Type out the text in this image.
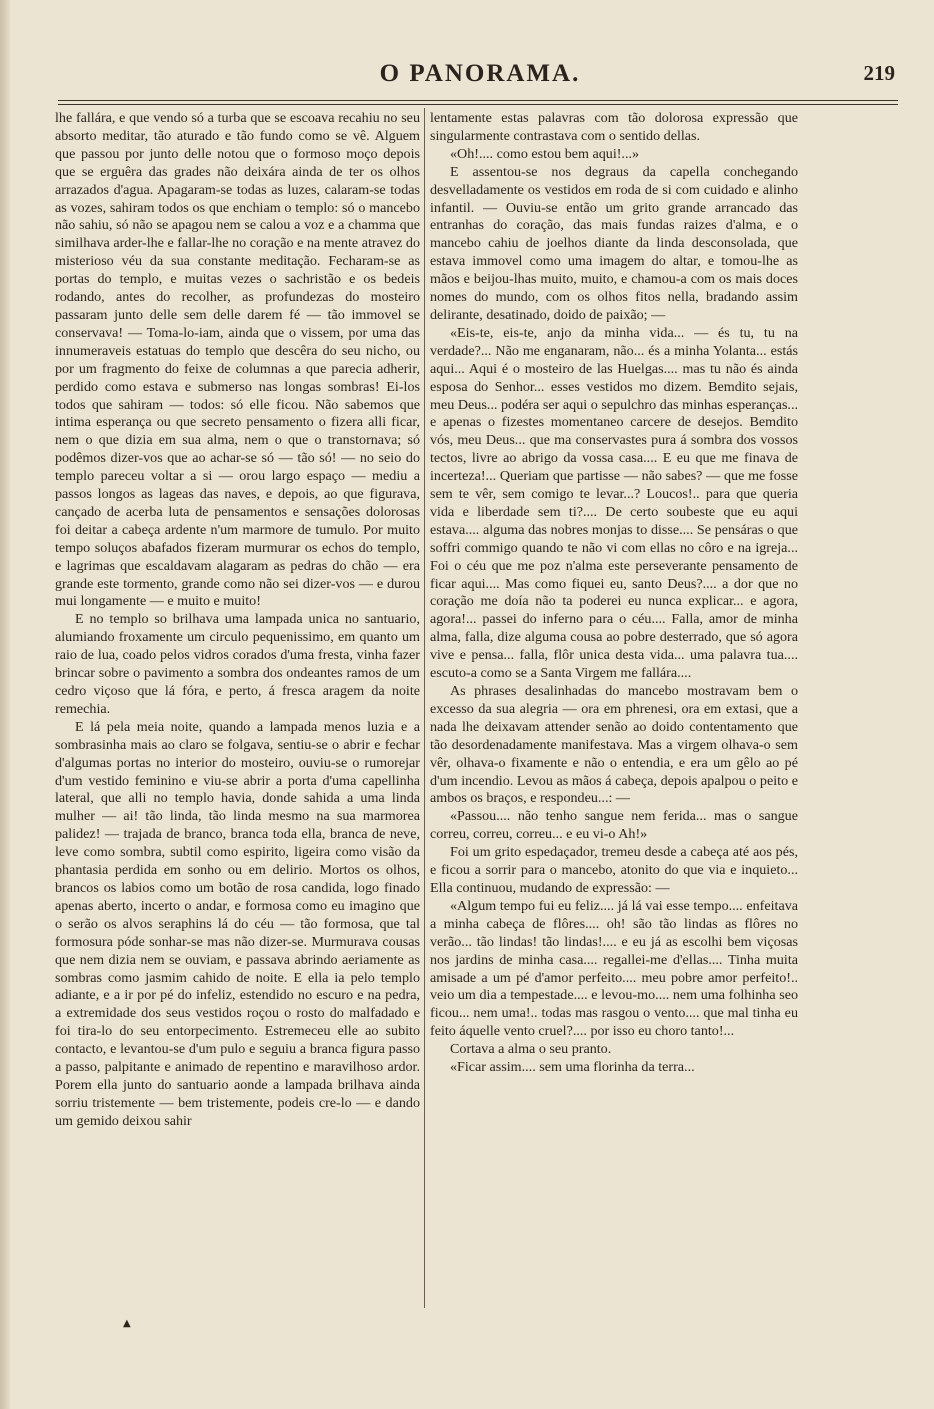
O PANORAMA.	219

lhe fallára, e que vendo só a turba que se escoava recahiu no seu absorto meditar, tão aturado e tão fundo como se vê. Alguem que passou por junto delle notou que o formoso moço depois que se erguêra das grades não deixára ainda de ter os olhos arrazados d'agua. Apagaram-se todas as luzes, calaram-se todas as vozes, sahiram todos os que enchiam o templo: só o mancebo não sahiu, só não se apagou nem se calou a voz e a chamma que similhava arder-lhe e fallar-lhe no coração e na mente atravez do misterioso véu da sua constante meditação. Fecharam-se as portas do templo, e muitas vezes o sachristão e os bedeis rodando, antes do recolher, as profundezas do mosteiro passaram junto delle sem delle darem fé — tão immovel se conservava! — Toma-lo-iam, ainda que o vissem, por uma das innumeraveis estatuas do templo que descêra do seu nicho, ou por um fragmento do feixe de columnas a que parecia adherir, perdido como estava e submerso nas longas sombras! Ei-los todos que sahiram — todos: só elle ficou. Não sabemos que intima esperança ou que secreto pensamento o fizera alli ficar, nem o que dizia em sua alma, nem o que o transtornava; só podêmos dizer-vos que ao achar-se só — tão só! — no seio do templo pareceu voltar a si — orou largo espaço — mediu a passos longos as lageas das naves, e depois, ao que figurava, cançado de acerba luta de pensamentos e sensações dolorosas foi deitar a cabeça ardente n'um marmore de tumulo. Por muito tempo soluços abafados fizeram murmurar os echos do templo, e lagrimas que escaldavam alagaram as pedras do chão — era grande este tormento, grande como não sei dizer-vos — e durou mui longamente — e muito e muito!

E no templo so brilhava uma lampada unica no santuario, alumiando froxamente um circulo pequenissimo, em quanto um raio de lua, coado pelos vidros corados d'uma fresta, vinha fazer brincar sobre o pavimento a sombra dos ondeantes ramos de um cedro viçoso que lá fóra, e perto, á fresca aragem da noite remechia.

E lá pela meia noite, quando a lampada menos luzia e a sombrasinha mais ao claro se folgava, sentiu-se o abrir e fechar d'algumas portas no interior do mosteiro, ouviu-se o rumorejar d'um vestido feminino e viu-se abrir a porta d'uma capellinha lateral, que alli no templo havia, donde sahida a uma linda mulher — ai! tão linda, tão linda mesmo na sua marmorea palidez! — trajada de branco, branca toda ella, branca de neve, leve como sombra, subtil como espirito, ligeira como visão da phantasia perdida em sonho ou em delirio. Mortos os olhos, brancos os labios como um botão de rosa candida, logo finado apenas aberto, incerto o andar, e formosa como eu imagino que o serão os alvos seraphins lá do céu — tão formosa, que tal formosura póde sonhar-se mas não dizer-se. Murmurava cousas que nem dizia nem se ouviam, e passava abrindo aeriamente as sombras como jasmim cahido de noite. E ella ia pelo templo adiante, e a ir por pé do infeliz, estendido no escuro e na pedra, a extremidade dos seus vestidos roçou o rosto do malfadado e foi tira-lo do seu entorpecimento. Estremeceu elle ao subito contacto, e levantou-se d'um pulo e seguiu a branca figura passo a passo, palpitante e animado de repentino e maravilhoso ardor. Porem ella junto do santuario aonde a lampada brilhava ainda sorriu tristemente — bem tristemente, podeis cre-lo — e dando um gemido deixou sahir

lentamente estas palavras com tão dolorosa expressão que singularmente contrastava com o sentido dellas.

«Oh!.... como estou bem aqui!...»

E assentou-se nos degraus da capella conchegando desvelladamente os vestidos em roda de si com cuidado e alinho infantil. — Ouviu-se então um grito grande arrancado das entranhas do coração, das mais fundas raizes d'alma, e o mancebo cahiu de joelhos diante da linda desconsolada, que estava immovel como uma imagem do altar, e tomou-lhe as mãos e beijou-lhas muito, muito, e chamou-a com os mais doces nomes do mundo, com os olhos fitos nella, bradando assim delirante, desatinado, doido de paixão; —

«Eis-te, eis-te, anjo da minha vida... — és tu, tu na verdade?... Não me enganaram, não... és a minha Yolanta... estás aqui... Aqui é o mosteiro de las Huelgas.... mas tu não és ainda esposa do Senhor... esses vestidos mo dizem. Bemdito sejais, meu Deus... podéra ser aqui o sepulchro das minhas esperanças... e apenas o fizestes momentaneo carcere de desejos. Bemdito vós, meu Deus... que ma conservastes pura á sombra dos vossos tectos, livre ao abrigo da vossa casa.... E eu que me finava de incerteza!... Queriam que partisse — não sabes? — que me fosse sem te vêr, sem comigo te levar...? Loucos!.. para que queria vida e liberdade sem ti?.... De certo soubeste que eu aqui estava.... alguma das nobres monjas to disse.... Se pensáras o que soffri commigo quando te não vi com ellas no côro e na igreja... Foi o céu que me poz n'alma este perseverante pensamento de ficar aqui.... Mas como fiquei eu, santo Deus?.... a dor que no coração me doía não ta poderei eu nunca explicar... e agora, agora!... passei do inferno para o céu.... Falla, amor de minha alma, falla, dize alguma cousa ao pobre desterrado, que só agora vive e pensa... falla, flôr unica desta vida... uma palavra tua.... escuto-a como se a Santa Virgem me fallára....

As phrases desalinhadas do mancebo mostravam bem o excesso da sua alegria — ora em phrenesi, ora em extasi, que a nada lhe deixavam attender senão ao doido contentamento que tão desordenadamente manifestava. Mas a virgem olhava-o sem vêr, olhava-o fixamente e não o entendia, e era um gêlo ao pé d'um incendio. Levou as mãos á cabeça, depois apalpou o peito e ambos os braços, e respondeu...: —

«Passou.... não tenho sangue nem ferida... mas o sangue correu, correu, correu... e eu vi-o Ah!»

Foi um grito espedaçador, tremeu desde a cabeça até aos pés, e ficou a sorrir para o mancebo, atonito do que via e inquieto... Ella continuou, mudando de expressão: —

«Algum tempo fui eu feliz.... já lá vai esse tempo.... enfeitava a minha cabeça de flôres.... oh! são tão lindas as flôres no verão... tão lindas! tão lindas!.... e eu já as escolhi bem viçosas nos jardins de minha casa.... regallei-me d'ellas.... Tinha muita amisade a um pé d'amor perfeito.... meu pobre amor perfeito!.. veio um dia a tempestade.... e levou-mo.... nem uma folhinha seo ficou... nem uma!.. todas mas rasgou o vento.... que mal tinha eu feito áquelle vento cruel?.... por isso eu choro tanto!...

Cortava a alma o seu pranto.

«Ficar assim.... sem uma florinha da terra...

▲
